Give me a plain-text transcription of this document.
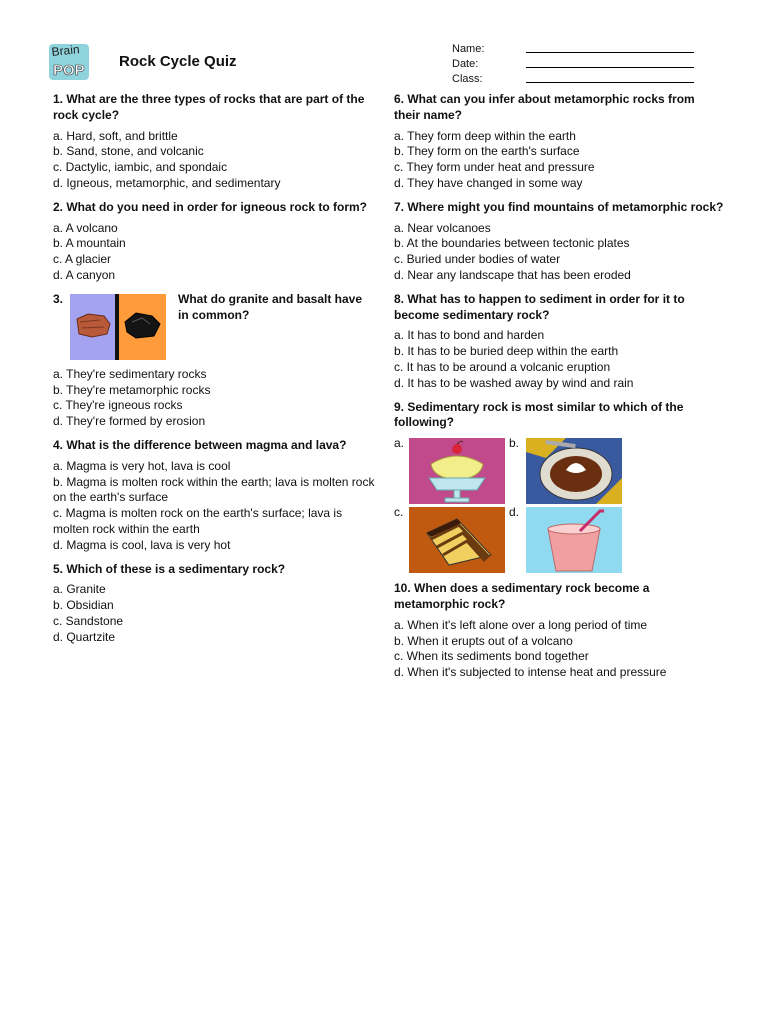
Brain
POP
Rock Cycle Quiz
Name:
Date:
Class:
1. What are the three types of rocks that are part of the rock cycle?
a. Hard, soft, and brittle
b. Sand, stone, and volcanic
c. Dactylic, iambic, and spondaic
d. Igneous, metamorphic, and sedimentary
2. What do you need in order for igneous rock to form?
a. A volcano
b. A mountain
c. A glacier
d. A canyon
3.	What do granite and basalt have in common?
a. They're sedimentary rocks
b. They're metamorphic rocks
c. They're igneous rocks
d. They're formed by erosion
4. What is the difference between magma and lava?
a. Magma is very hot, lava is cool
b. Magma is molten rock within the earth; lava is molten rock on the earth's surface
c. Magma is molten rock on the earth's surface; lava is molten rock within the earth
d. Magma is cool, lava is very hot
5. Which of these is a sedimentary rock?
a. Granite
b. Obsidian
c. Sandstone
d. Quartzite
6. What can you infer about metamorphic rocks from their name?
a. They form deep within the earth
b. They form on the earth's surface
c. They form under heat and pressure
d. They have changed in some way
7. Where might you find mountains of metamorphic rock?
a. Near volcanoes
b. At the boundaries between tectonic plates
c. Buried under bodies of water
d. Near any landscape that has been eroded
8. What has to happen to sediment in order for it to become sedimentary rock?
a. It has to bond and harden
b. It has to be buried deep within the earth
c. It has to be around a volcanic eruption
d. It has to be washed away by wind and rain
9. Sedimentary rock is most similar to which of the following?
a.	b.
c.	d.
10. When does a sedimentary rock become a metamorphic rock?
a. When it's left alone over a long period of time
b. When it erupts out of a volcano
c. When its sediments bond together
d. When it's subjected to intense heat and pressure
